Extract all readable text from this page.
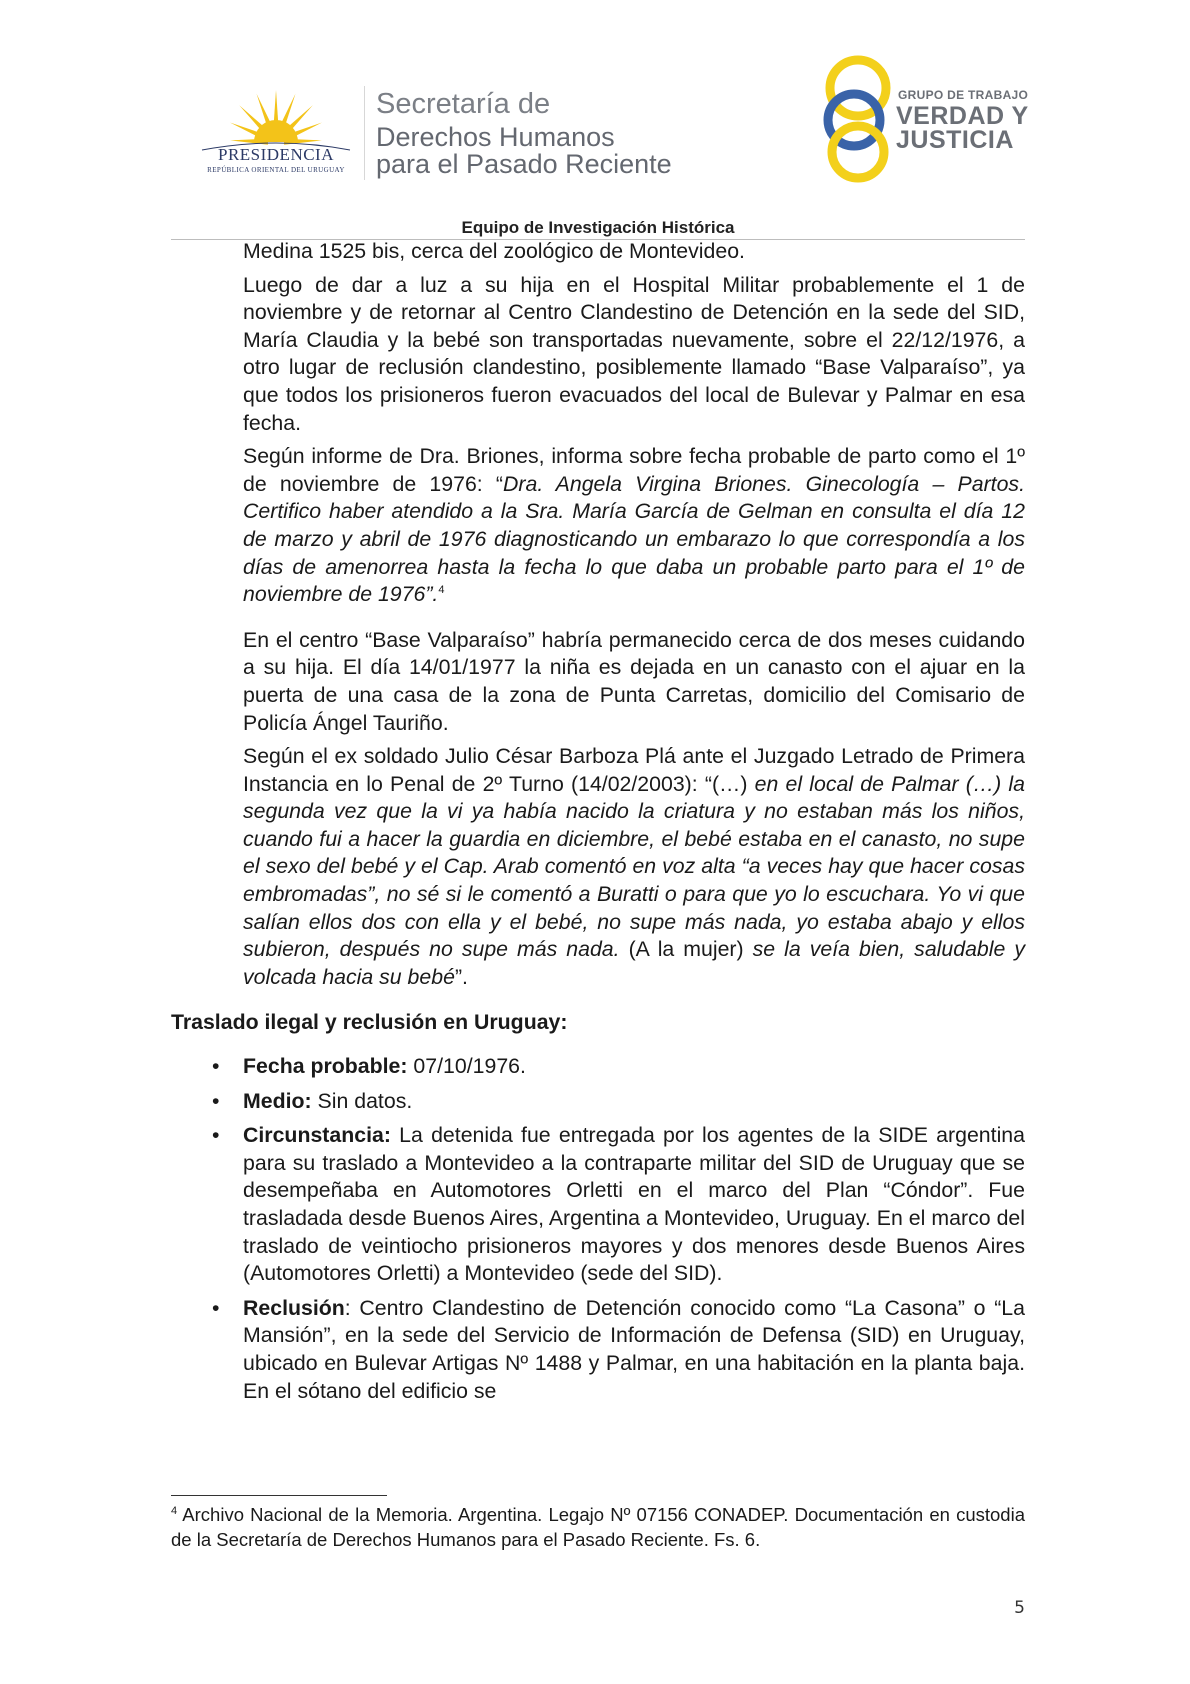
PRESIDENCIA
REPÚBLICA ORIENTAL DEL URUGUAY
Secretaría de
Derechos Humanos
para el Pasado Reciente
GRUPO DE TRABAJO
VERDAD Y
JUSTICIA
Equipo de Investigación Histórica

Medina 1525 bis, cerca del zoológico de Montevideo.

Luego de dar a luz a su hija en el Hospital Militar probablemente el 1 de noviembre y de retornar al Centro Clandestino de Detención en la sede del SID, María Claudia y la bebé son transportadas nuevamente, sobre el 22/12/1976, a otro lugar de reclusión clandestino, posiblemente llamado “Base Valparaíso”, ya que todos los prisioneros fueron evacuados del local de Bulevar y Palmar en esa fecha.

Según informe de Dra. Briones, informa sobre fecha probable de parto como el 1º de noviembre de 1976: “Dra. Angela Virgina Briones. Ginecología – Partos. Certifico haber atendido a la Sra. María García de Gelman en consulta el día 12 de marzo y abril de 1976 diagnosticando un embarazo lo que correspondía a los días de amenorrea hasta la fecha lo que daba un probable parto para el 1º de noviembre de 1976”.$^4$

En el centro “Base Valparaíso” habría permanecido cerca de dos meses cuidando a su hija. El día 14/01/1977 la niña es dejada en un canasto con el ajuar en la puerta de una casa de la zona de Punta Carretas, domicilio del Comisario de Policía Ángel Tauriño.

Según el ex soldado Julio César Barboza Plá ante el Juzgado Letrado de Primera Instancia en lo Penal de 2º Turno (14/02/2003): “(…) en el local de Palmar (…) la segunda vez que la vi ya había nacido la criatura y no estaban más los niños, cuando fui a hacer la guardia en diciembre, el bebé estaba en el canasto, no supe el sexo del bebé y el Cap. Arab comentó en voz alta “a veces hay que hacer cosas embromadas”, no sé si le comentó a Buratti o para que yo lo escuchara. Yo vi que salían ellos dos con ella y el bebé, no supe más nada, yo estaba abajo y ellos subieron, después no supe más nada. (A la mujer) se la veía bien, saludable y volcada hacia su bebé”.

Traslado ilegal y reclusión en Uruguay:
• Fecha probable: 07/10/1976.
• Medio: Sin datos.
• Circunstancia: La detenida fue entregada por los agentes de la SIDE argentina para su traslado a Montevideo a la contraparte militar del SID de Uruguay que se desempeñaba en Automotores Orletti en el marco del Plan “Cóndor”. Fue trasladada desde Buenos Aires, Argentina a Montevideo, Uruguay. En el marco del traslado de veintiocho prisioneros mayores y dos menores desde Buenos Aires (Automotores Orletti) a Montevideo (sede del SID).
• Reclusión: Centro Clandestino de Detención conocido como “La Casona” o “La Mansión”, en la sede del Servicio de Información de Defensa (SID) en Uruguay, ubicado en Bulevar Artigas Nº 1488 y Palmar, en una habitación en la planta baja. En el sótano del edificio se
$^4$ Archivo Nacional de la Memoria. Argentina. Legajo Nº 07156 CONADEP. Documentación en custodia de la Secretaría de Derechos Humanos para el Pasado Reciente. Fs. 6.
5
